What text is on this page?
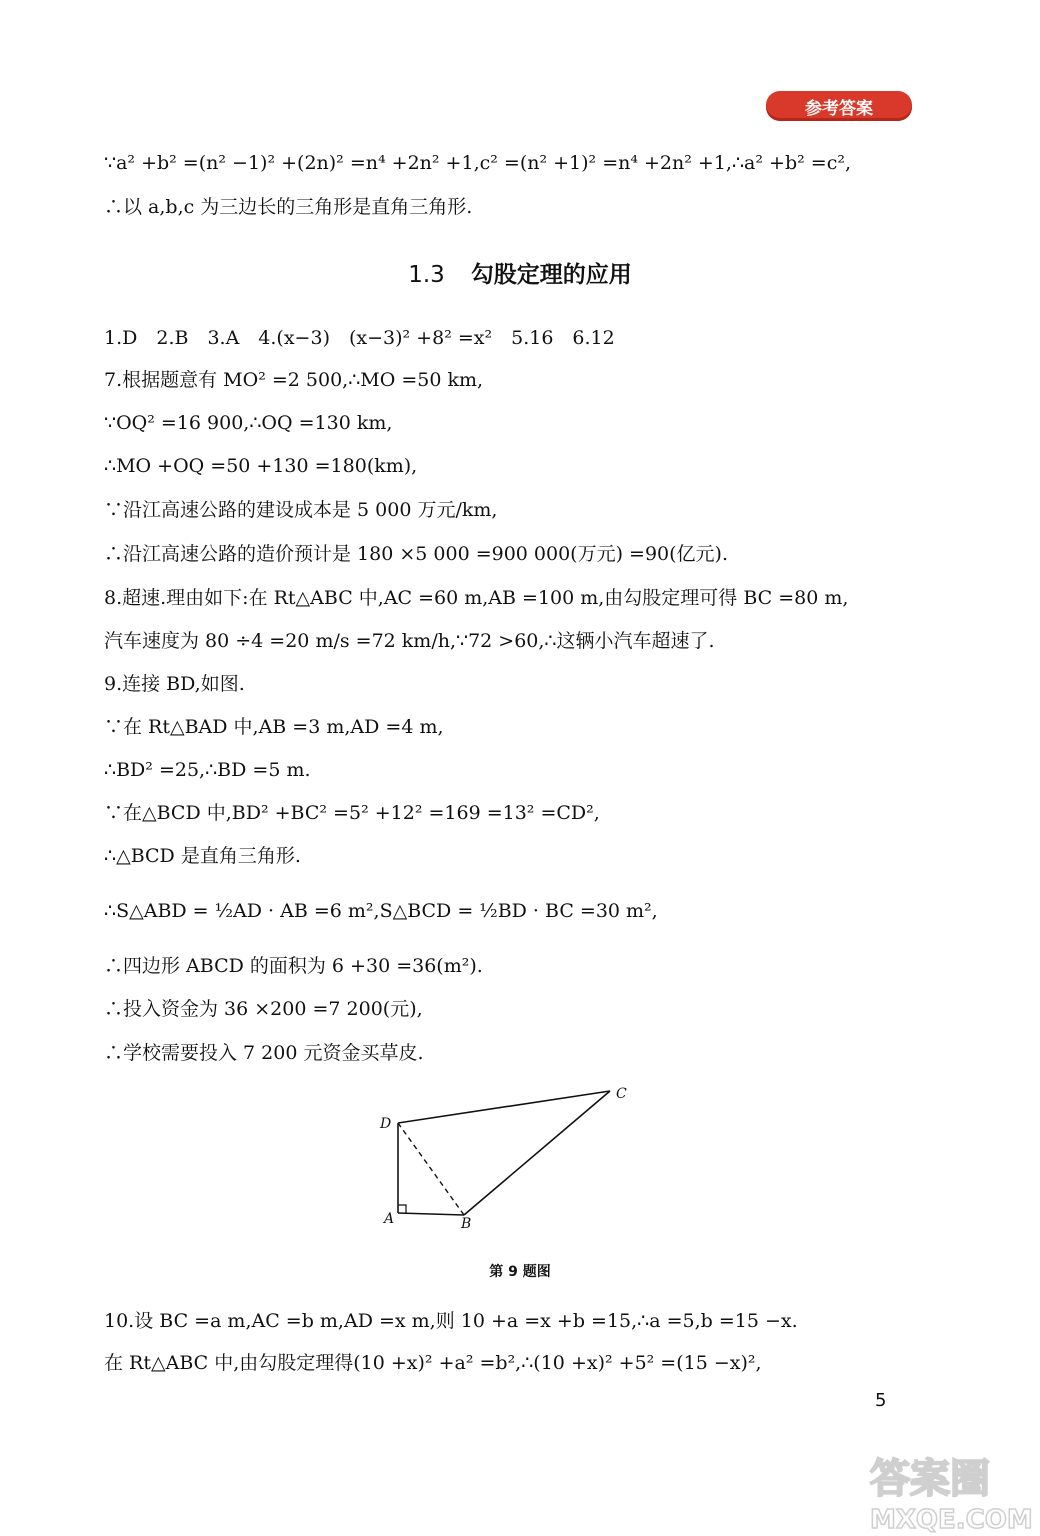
参考答案
∵a² +b² =(n² −1)² +(2n)² =n⁴ +2n² +1,c² =(n² +1)² =n⁴ +2n² +1,∴a² +b² =c²,
∴以 a,b,c 为三边长的三角形是直角三角形.
1.3 勾股定理的应用
1.D　2.B　3.A　4.(x−3)　(x−3)² +8² =x²　5.16　6.12
7.根据题意有 MO² =2 500,∴MO =50 km,
∵OQ² =16 900,∴OQ =130 km,
∴MO +OQ =50 +130 =180(km),
∵沿江高速公路的建设成本是 5 000 万元/km,
∴沿江高速公路的造价预计是 180 ×5 000 =900 000(万元) =90(亿元).
8.超速.理由如下:在 Rt△ABC 中,AC =60 m,AB =100 m,由勾股定理可得 BC =80 m,
汽车速度为 80 ÷4 =20 m/s =72 km/h,∵72 >60,∴这辆小汽车超速了.
9.连接 BD,如图.
∵在 Rt△BAD 中,AB =3 m,AD =4 m,
∴BD² =25,∴BD =5 m.
∵在△BCD 中,BD² +BC² =5² +12² =169 =13² =CD²,
∴△BCD 是直角三角形.
∴S△ABD = ½AD · AB =6 m²,S△BCD = ½BD · BC =30 m²,
∴四边形 ABCD 的面积为 6 +30 =36(m²).
∴投入资金为 36 ×200 =7 200(元),
∴学校需要投入 7 200 元资金买草皮.
D
A	B
C
第 9 题图
10.设 BC =a m,AC =b m,AD =x m,则 10 +a =x +b =15,∴a =5,b =15 −x.
在 Rt△ABC 中,由勾股定理得(10 +x)² +a² =b²,∴(10 +x)² +5² =(15 −x)²,
5
答案圈
MXQE.COM
